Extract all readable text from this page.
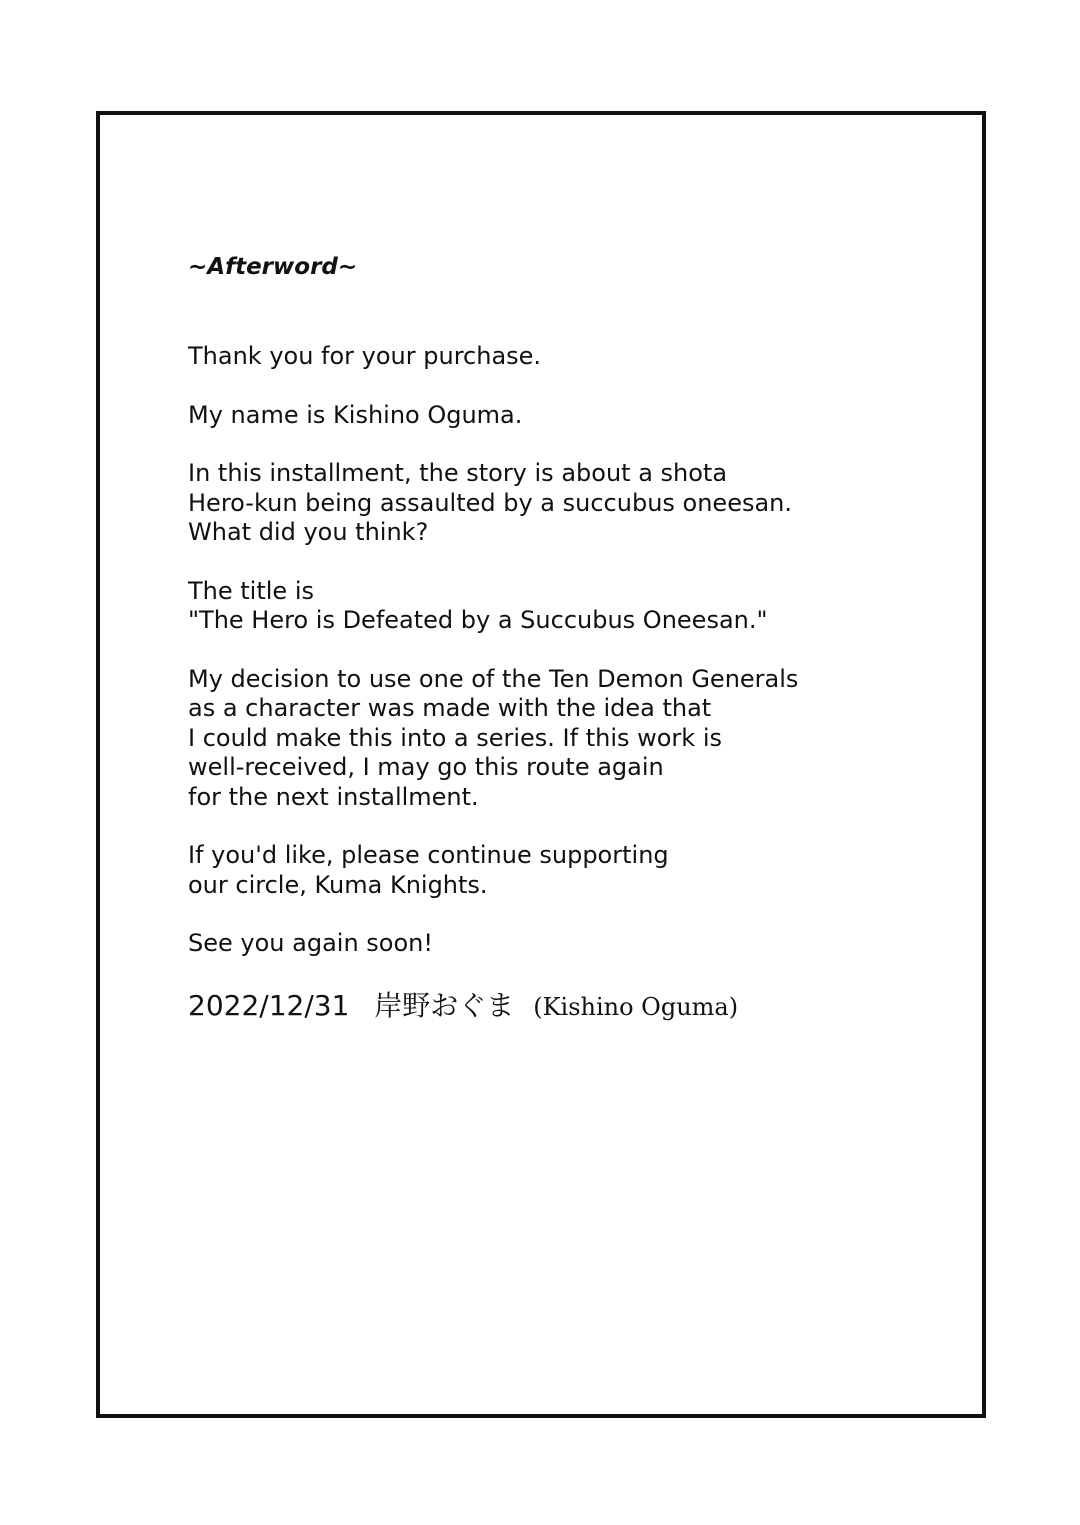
~Afterword~
Thank you for your purchase.
My name is Kishino Oguma.
In this installment, the story is about a shota
Hero-kun being assaulted by a succubus oneesan.
What did you think?
The title is
"The Hero is Defeated by a Succubus Oneesan."
My decision to use one of the Ten Demon Generals
as a character was made with the idea that
I could make this into a series. If this work is
well-received, I may go this route again
for the next installment.
If you'd like, please continue supporting
our circle, Kuma Knights.
See you again soon!
2022/12/31 岸野おぐま (Kishino Oguma)
